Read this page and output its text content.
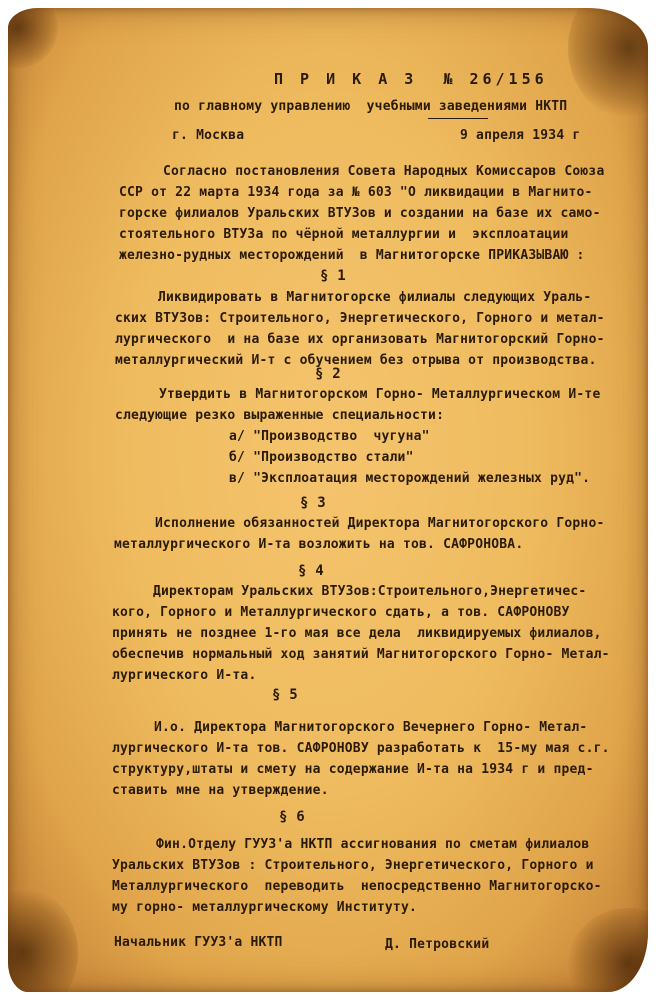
П Р И К А З  № 26/156
по главному управлению  учебными заведениями НКТП
г. Москва	9 апреля 1934 г
Согласно постановления Совета Народных Комиссаров Союза
ССР от 22 марта 1934 года за № 603 "О ликвидации в Магнито-
горске филиалов Уральских ВТУЗов и создании на базе их само-
стоятельного ВТУЗа по чёрной металлургии и  эксплоатации
железно-рудных месторождений  в Магнитогорске ПРИКАЗЫВАЮ :
§ 1
Ликвидировать в Магнитогорске филиалы следующих Ураль-
ских ВТУЗов: Строительного, Энергетического, Горного и метал-
лургического  и на базе их организовать Магнитогорский Горно-
металлургический И-т с обучением без отрыва от производства.
§ 2
Утвердить в Магнитогорском Горно- Металлургическом И-те
следующие резко выраженные специальности:
а/ "Производство  чугуна"
б/ "Производство стали"
в/ "Эксплоатация месторождений железных руд".
§ 3
Исполнение обязанностей Директора Магнитогорского Горно-
металлургического И-та возложить на тов. САФРОНОВА.
§ 4
Директорам Уральских ВТУЗов:Строительного,Энергетичес-
кого, Горного и Металлургического сдать, а тов. САФРОНОВУ
принять не позднее 1-го мая все дела  ликвидируемых филиалов,
обеспечив нормальный ход занятий Магнитогорского Горно- Метал-
лургического И-та.
§ 5
И.о. Директора Магнитогорского Вечернего Горно- Метал-
лургического И-та тов. САФРОНОВУ разработать к  15-му мая с.г.
структуру,штаты и смету на содержание И-та на 1934 г и пред-
ставить мне на утверждение.
§ 6
Фин.Отделу ГУУЗ'а НКТП ассигнования по сметам филиалов
Уральских ВТУЗов : Строительного, Энергетического, Горного и
Металлургического  переводить  непосредственно Магнитогорско-
му горно- металлургическому Институту.
Начальник ГУУЗ'а НКТП	Д. Петровский
